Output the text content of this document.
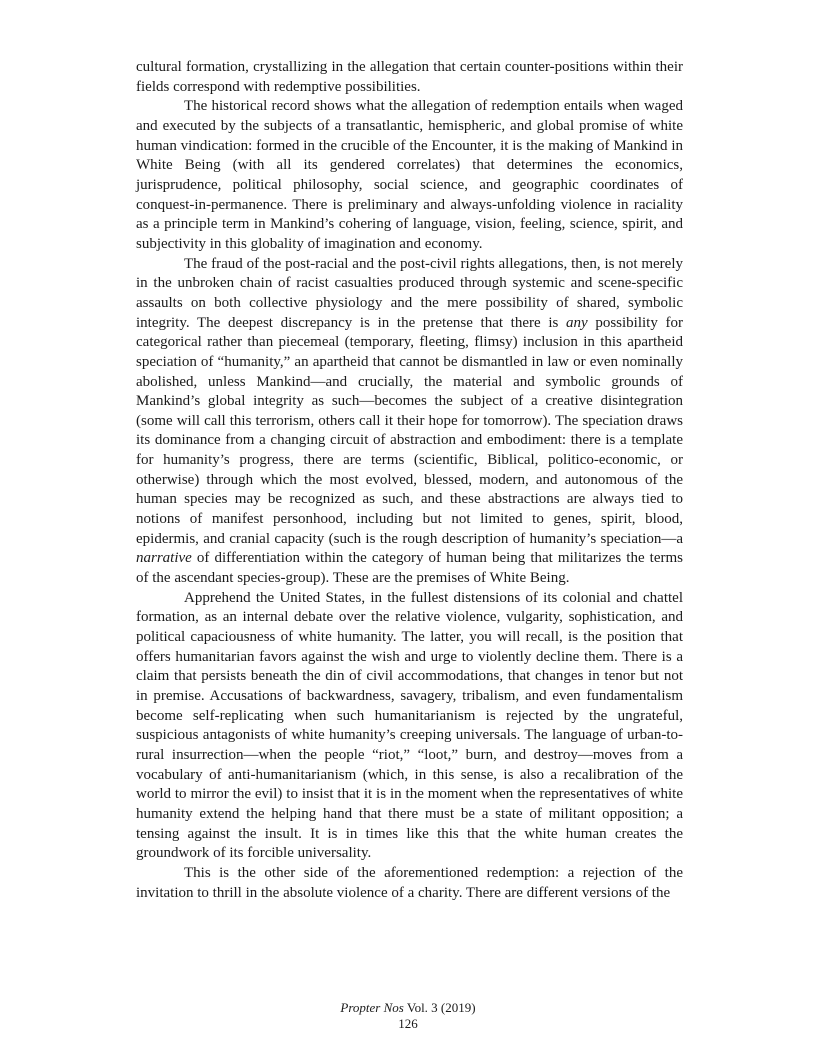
cultural formation, crystallizing in the allegation that certain counter-positions within their fields correspond with redemptive possibilities.

The historical record shows what the allegation of redemption entails when waged and executed by the subjects of a transatlantic, hemispheric, and global promise of white human vindication: formed in the crucible of the Encounter, it is the making of Mankind in White Being (with all its gendered correlates) that determines the economics, jurisprudence, political philosophy, social science, and geographic coordinates of conquest-in-permanence. There is preliminary and always-unfolding violence in raciality as a principle term in Mankind’s cohering of language, vision, feeling, science, spirit, and subjectivity in this globality of imagination and economy.

The fraud of the post-racial and the post-civil rights allegations, then, is not merely in the unbroken chain of racist casualties produced through systemic and scene-specific assaults on both collective physiology and the mere possibility of shared, symbolic integrity. The deepest discrepancy is in the pretense that there is any possibility for categorical rather than piecemeal (temporary, fleeting, flimsy) inclusion in this apartheid speciation of “humanity,” an apartheid that cannot be dismantled in law or even nominally abolished, unless Mankind—and crucially, the material and symbolic grounds of Mankind’s global integrity as such—becomes the subject of a creative disintegration (some will call this terrorism, others call it their hope for tomorrow). The speciation draws its dominance from a changing circuit of abstraction and embodiment: there is a template for humanity’s progress, there are terms (scientific, Biblical, politico-economic, or otherwise) through which the most evolved, blessed, modern, and autonomous of the human species may be recognized as such, and these abstractions are always tied to notions of manifest personhood, including but not limited to genes, spirit, blood, epidermis, and cranial capacity (such is the rough description of humanity’s speciation—a narrative of differentiation within the category of human being that militarizes the terms of the ascendant species-group). These are the premises of White Being.

Apprehend the United States, in the fullest distensions of its colonial and chattel formation, as an internal debate over the relative violence, vulgarity, sophistication, and political capaciousness of white humanity. The latter, you will recall, is the position that offers humanitarian favors against the wish and urge to violently decline them. There is a claim that persists beneath the din of civil accommodations, that changes in tenor but not in premise. Accusations of backwardness, savagery, tribalism, and even fundamentalism become self-replicating when such humanitarianism is rejected by the ungrateful, suspicious antagonists of white humanity’s creeping universals. The language of urban-to-rural insurrection—when the people “riot,” “loot,” burn, and destroy—moves from a vocabulary of anti-humanitarianism (which, in this sense, is also a recalibration of the world to mirror the evil) to insist that it is in the moment when the representatives of white humanity extend the helping hand that there must be a state of militant opposition; a tensing against the insult. It is in times like this that the white human creates the groundwork of its forcible universality.

This is the other side of the aforementioned redemption: a rejection of the invitation to thrill in the absolute violence of a charity. There are different versions of the

Propter Nos Vol. 3 (2019)
126
